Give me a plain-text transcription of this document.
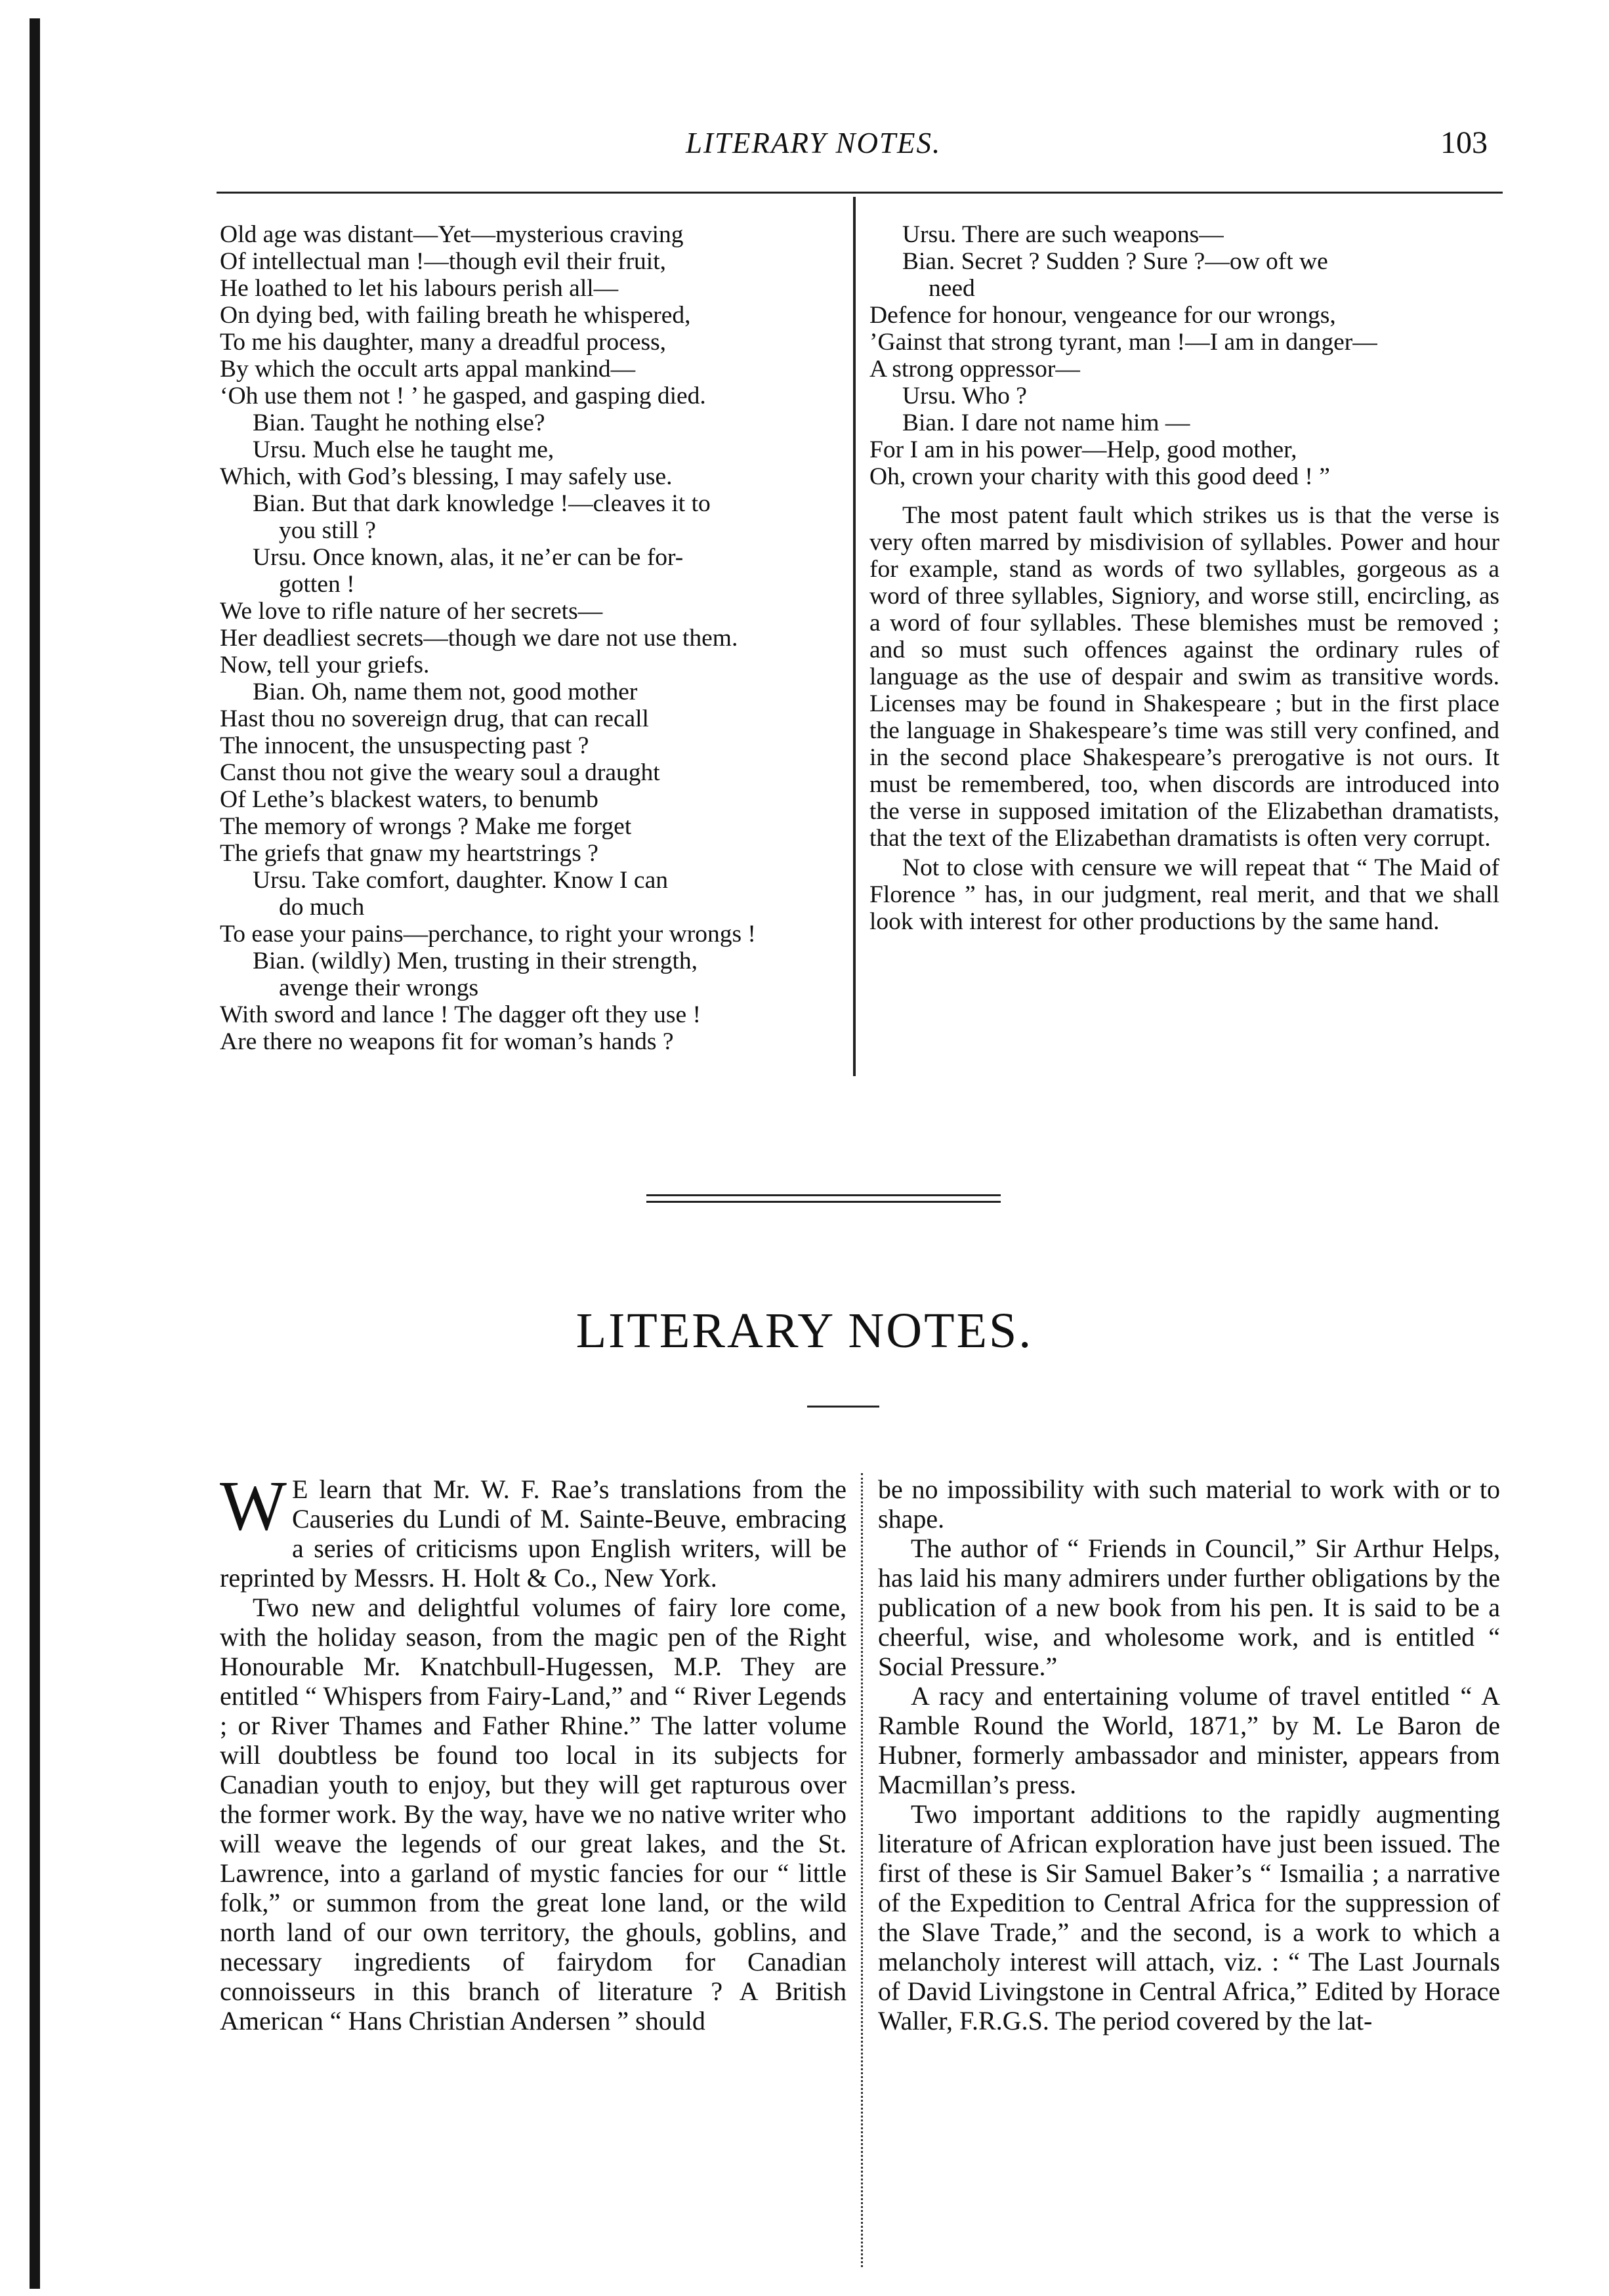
LITERARY NOTES.	103
Old age was distant—Yet—mysterious craving
Of intellectual man !—though evil their fruit,
He loathed to let his labours perish all—
On dying bed, with failing breath he whispered,
To me his daughter, many a dreadful process,
By which the occult arts appal mankind—
‘Oh use them not ! ’ he gasped, and gasping died.
Bian. Taught he nothing else?
Ursu. Much else he taught me,
Which, with God’s blessing, I may safely use.
Bian. But that dark knowledge !—cleaves it to
you still ?
Ursu. Once known, alas, it ne’er can be for-
gotten !
We love to rifle nature of her secrets—
Her deadliest secrets—though we dare not use them.
Now, tell your griefs.
Bian. Oh, name them not, good mother
Hast thou no sovereign drug, that can recall
The innocent, the unsuspecting past ?
Canst thou not give the weary soul a draught
Of Lethe’s blackest waters, to benumb
The memory of wrongs ? Make me forget
The griefs that gnaw my heartstrings ?
Ursu. Take comfort, daughter. Know I can
do much
To ease your pains—perchance, to right your wrongs !
Bian. (wildly) Men, trusting in their strength,
avenge their wrongs
With sword and lance ! The dagger oft they use !
Are there no weapons fit for woman’s hands ?
Ursu. There are such weapons—
Bian. Secret ? Sudden ? Sure ?—ow oft we
need
Defence for honour, vengeance for our wrongs,
’Gainst that strong tyrant, man !—I am in danger—
A strong oppressor—
Ursu. Who ?
Bian. I dare not name him —
For I am in his power—Help, good mother,
Oh, crown your charity with this good deed ! ”

The most patent fault which strikes us is that the verse is very often marred by misdivision of syllables. Power and hour for example, stand as words of two syllables, gorgeous as a word of three syllables, Signiory, and worse still, encircling, as a word of four syllables. These blemishes must be removed ; and so must such offences against the ordinary rules of language as the use of despair and swim as transitive words. Licenses may be found in Shakespeare ; but in the first place the language in Shakespeare’s time was still very confined, and in the second place Shakespeare’s prerogative is not ours. It must be remembered, too, when discords are introduced into the verse in supposed imitation of the Elizabethan dramatists, that the text of the Elizabethan dramatists is often very corrupt.

Not to close with censure we will repeat that “ The Maid of Florence ” has, in our judgment, real merit, and that we shall look with interest for other productions by the same hand.

LITERARY NOTES.

W E learn that Mr. W. F. Rae’s translations from the Causeries du Lundi of M. Sainte-Beuve, embracing a series of criticisms upon English writers, will be reprinted by Messrs. H. Holt & Co., New York.

Two new and delightful volumes of fairy lore come, with the holiday season, from the magic pen of the Right Honourable Mr. Knatchbull-Hugessen, M.P. They are entitled “ Whispers from Fairy-Land,” and “ River Legends ; or River Thames and Father Rhine.” The latter volume will doubtless be found too local in its subjects for Canadian youth to enjoy, but they will get rapturous over the former work. By the way, have we no native writer who will weave the legends of our great lakes, and the St. Lawrence, into a garland of mystic fancies for our “ little folk,” or summon from the great lone land, or the wild north land of our own territory, the ghouls, goblins, and necessary ingredients of fairydom for Canadian connoisseurs in this branch of literature ? A British American “ Hans Christian Andersen ” should

be no impossibility with such material to work with or to shape.

The author of “ Friends in Council,” Sir Arthur Helps, has laid his many admirers under further obligations by the publication of a new book from his pen. It is said to be a cheerful, wise, and wholesome work, and is entitled “ Social Pressure.”

A racy and entertaining volume of travel entitled “ A Ramble Round the World, 1871,” by M. Le Baron de Hubner, formerly ambassador and minister, appears from Macmillan’s press.

Two important additions to the rapidly augmenting literature of African exploration have just been issued. The first of these is Sir Samuel Baker’s “ Ismailia ; a narrative of the Expedition to Central Africa for the suppression of the Slave Trade,” and the second, is a work to which a melancholy interest will attach, viz. : “ The Last Journals of David Livingstone in Central Africa,” Edited by Horace Waller, F.R.G.S. The period covered by the lat-
